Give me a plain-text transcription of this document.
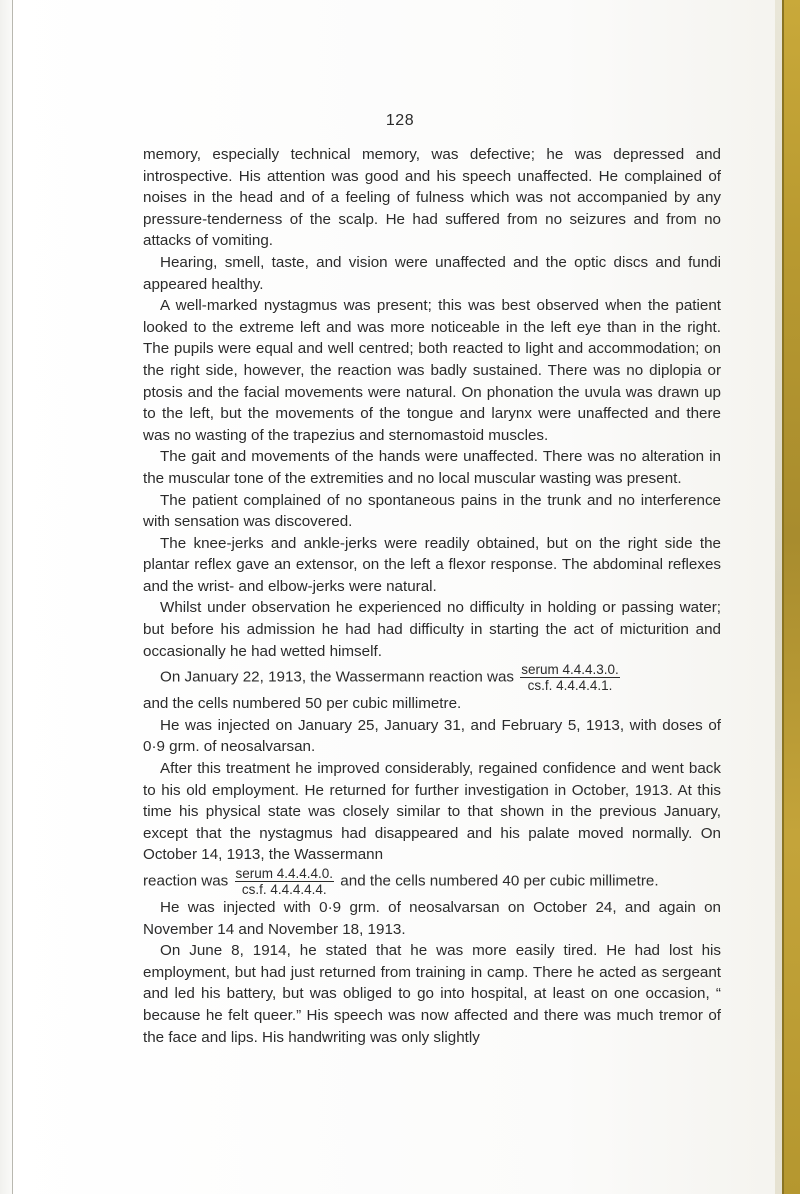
128

memory, especially technical memory, was defective; he was depressed and introspective. His attention was good and his speech unaffected. He complained of noises in the head and of a feeling of fulness which was not accompanied by any pressure-tenderness of the scalp. He had suffered from no seizures and from no attacks of vomiting.

Hearing, smell, taste, and vision were unaffected and the optic discs and fundi appeared healthy.

A well-marked nystagmus was present; this was best observed when the patient looked to the extreme left and was more noticeable in the left eye than in the right. The pupils were equal and well centred; both reacted to light and accommodation; on the right side, however, the reaction was badly sustained. There was no diplopia or ptosis and the facial movements were natural. On phonation the uvula was drawn up to the left, but the movements of the tongue and larynx were unaffected and there was no wasting of the trapezius and sternomastoid muscles.

The gait and movements of the hands were unaffected. There was no alteration in the muscular tone of the extremities and no local muscular wasting was present.

The patient complained of no spontaneous pains in the trunk and no interference with sensation was discovered.

The knee-jerks and ankle-jerks were readily obtained, but on the right side the plantar reflex gave an extensor, on the left a flexor response. The abdominal reflexes and the wrist- and elbow-jerks were natural.

Whilst under observation he experienced no difficulty in holding or passing water; but before his admission he had had difficulty in starting the act of micturition and occasionally he had wetted himself.

On January 22, 1913, the Wassermann reaction was $\frac{\text{serum 4.4.4.3.0.}}{cs.f. 4.4.4.4.1.}$

and the cells numbered 50 per cubic millimetre.

He was injected on January 25, January 31, and February 5, 1913, with doses of 0·9 grm. of neosalvarsan.

After this treatment he improved considerably, regained confidence and went back to his old employment. He returned for further investigation in October, 1913. At this time his physical state was closely similar to that shown in the previous January, except that the nystagmus had disappeared and his palate moved normally. On October 14, 1913, the Wassermann

reaction was $\frac{\text{serum 4.4.4.4.0.}}{cs.f. 4.4.4.4.4.}$ and the cells numbered 40 per cubic millimetre.

He was injected with 0·9 grm. of neosalvarsan on October 24, and again on November 14 and November 18, 1913.

On June 8, 1914, he stated that he was more easily tired. He had lost his employment, but had just returned from training in camp. There he acted as sergeant and led his battery, but was obliged to go into hospital, at least on one occasion, “ because he felt queer.” His speech was now affected and there was much tremor of the face and lips. His handwriting was only slightly
